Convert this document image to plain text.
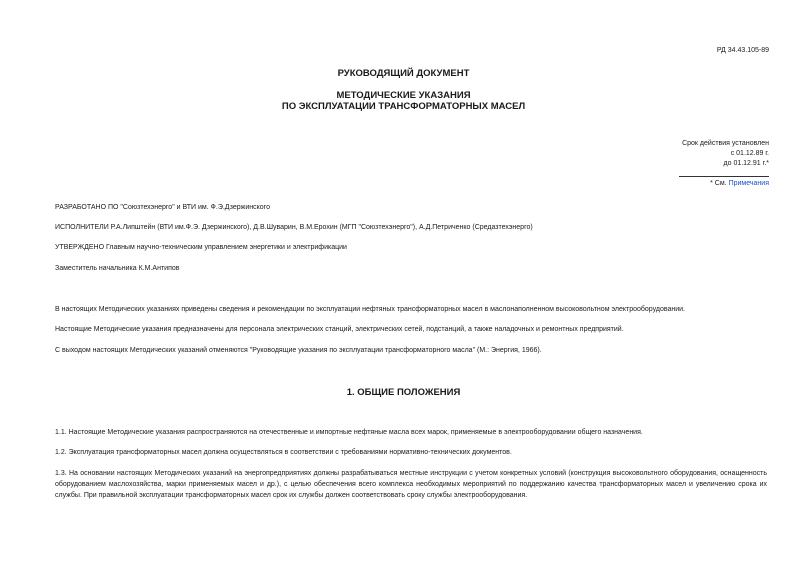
РД 34.43.105-89
РУКОВОДЯЩИЙ ДОКУМЕНТ
МЕТОДИЧЕСКИЕ УКАЗАНИЯ
ПО ЭКСПЛУАТАЦИИ ТРАНСФОРМАТОРНЫХ МАСЕЛ
Срок действия установлен
с 01.12.89 г.
до 01.12.91 г.*
* См. Примечания
РАЗРАБОТАНО ПО "Союзтехэнерго" и ВТИ им. Ф.Э.Дзержинского
ИСПОЛНИТЕЛИ Р.А.Липштейн (ВТИ им.Ф.Э. Дзержинского), Д.В.Шуварин, В.М.Ерохин (МГП "Союзтехэнерго"), А.Д.Петриченко (Средазтехэнерго)
УТВЕРЖДЕНО Главным научно-техническим управлением энергетики и электрификации
Заместитель начальника К.М.Антипов
В настоящих Методических указаниях приведены сведения и рекомендации по эксплуатации нефтяных трансформаторных масел в маслонаполненном высоковольтном электрооборудовании.
Настоящие Методические указания предназначены для персонала электрических станций, электрических сетей, подстанций, а также наладочных и ремонтных предприятий.
С выходом настоящих Методических указаний отменяются "Руководящие указания по эксплуатации трансформаторного масла" (М.: Энергия, 1966).
1. ОБЩИЕ ПОЛОЖЕНИЯ
1.1. Настоящие Методические указания распространяются на отечественные и импортные нефтяные масла всех марок, применяемые в электрооборудовании общего назначения.
1.2. Эксплуатация трансформаторных масел должна осуществляться в соответствии с требованиями нормативно-технических документов.
1.3. На основании настоящих Методических указаний на энергопредприятиях должны разрабатываться местные инструкции с учетом конкретных условий (конструкция высоковольтного оборудования, оснащенность оборудованием маслохозяйства, марки применяемых масел и др.), с целью обеспечения всего комплекса необходимых мероприятий по поддержанию качества трансформаторных масел и увеличению срока их службы. При правильной эксплуатации трансформаторных масел срок их службы должен соответствовать сроку службы электрооборудования.
